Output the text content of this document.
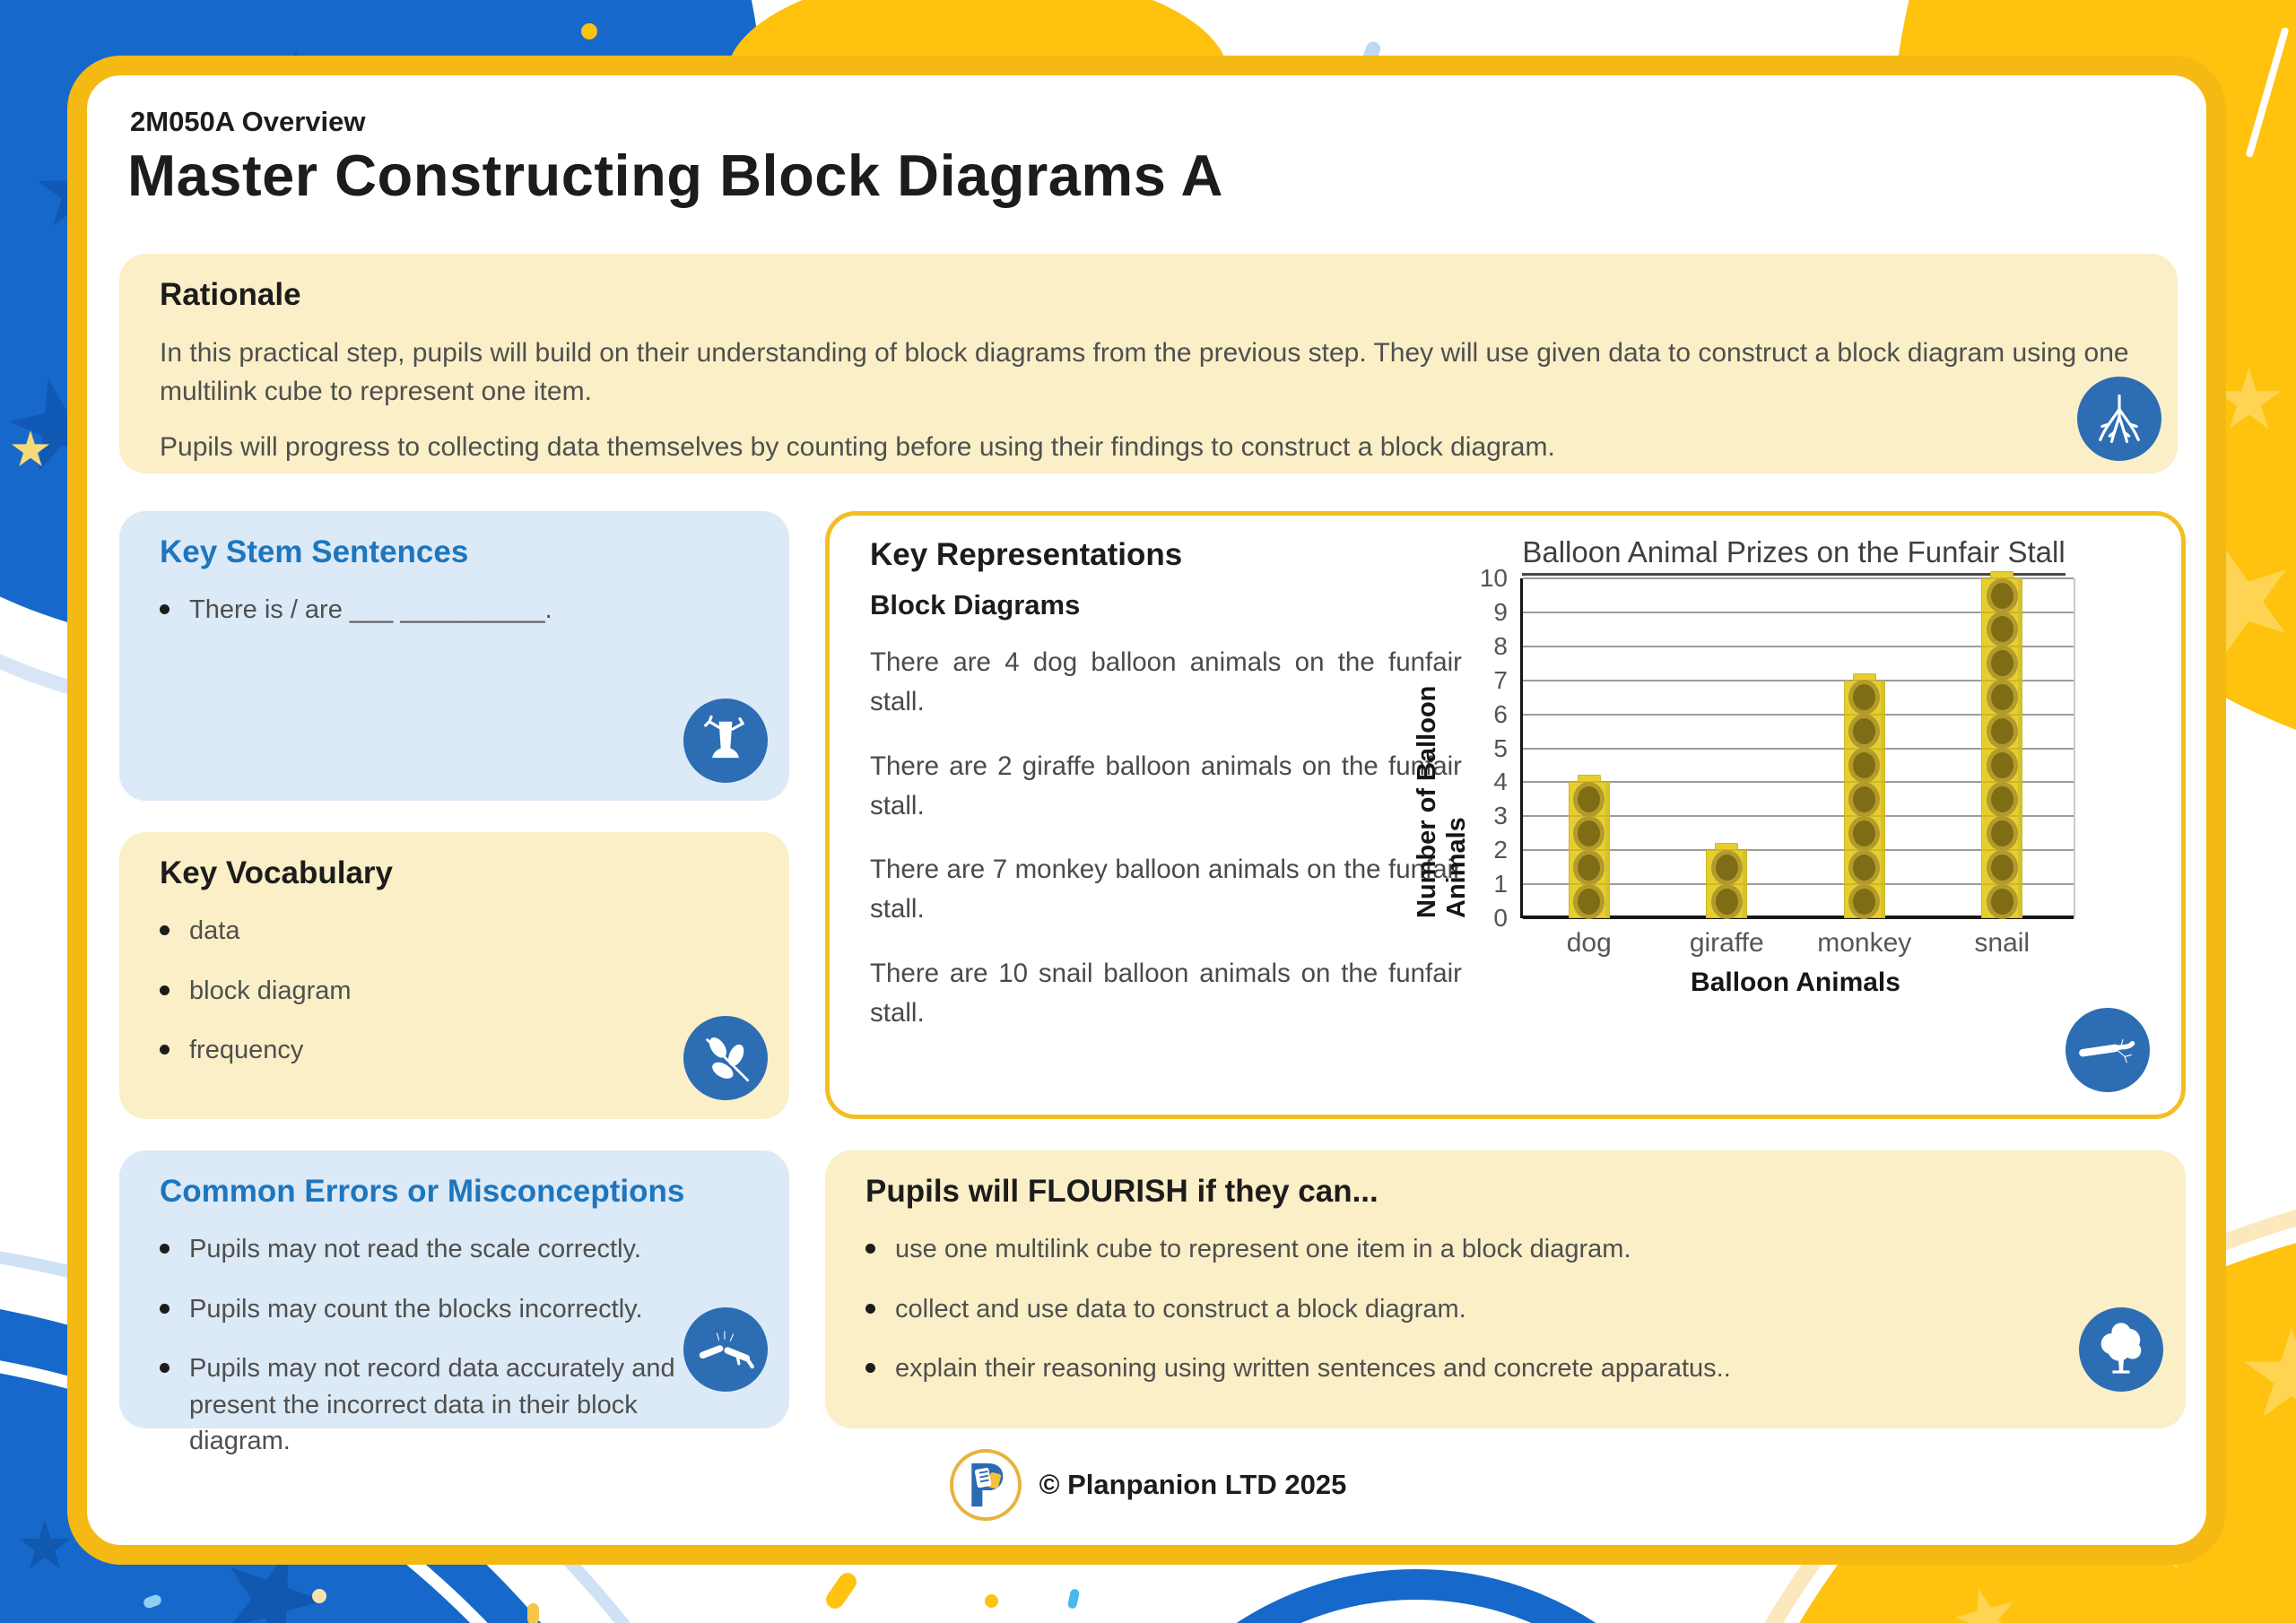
2M050A Overview
Master Constructing Block Diagrams A
Rationale

In this practical step, pupils will build on their understanding of block diagrams from the previous step. They will use given data to construct a block diagram using one multilink cube to represent one item.

Pupils will progress to collecting data themselves by counting before using their findings to construct a block diagram.

Key Stem Sentences
There is / are ___ __________.
Key Vocabulary
data
block diagram
frequency
Common Errors or Misconceptions
Pupils may not read the scale correctly.
Pupils may count the blocks incorrectly.
Pupils may not record data accurately and present the incorrect data in their block diagram.
Key Representations
Block Diagrams

There are 4 dog balloon animals on the funfair stall.

There are 2 giraffe balloon animals on the funfair stall.

There are 7 monkey balloon animals on the funfair stall.

There are 10 snail balloon animals on the funfair stall.

Balloon Animal Prizes on the Funfair Stall
Number of Balloon Animals 0
1
2
3
4
5
6
7
8
9
10
dog	giraffe	monkey	snail
Balloon Animals
Pupils will FLOURISH if they can...
use one multilink cube to represent one item in a block diagram.
collect and use data to construct a block diagram.
explain their reasoning using written sentences and concrete apparatus..
© Planpanion LTD 2025
